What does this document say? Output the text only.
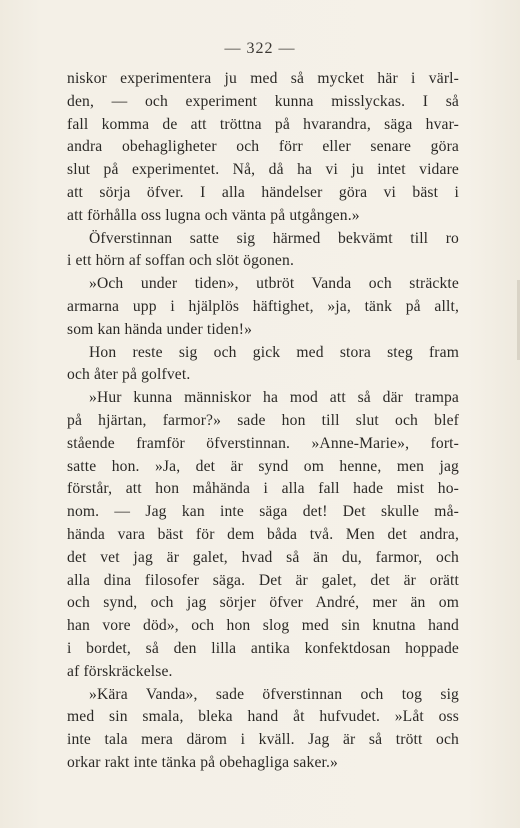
— 322 —
niskor experimentera ju med så mycket här i värl-
den, — och experiment kunna misslyckas. I så
fall komma de att tröttna på hvarandra, säga hvar-
andra obehagligheter och förr eller senare göra
slut på experimentet. Nå, då ha vi ju intet vidare
att sörja öfver. I alla händelser göra vi bäst i
att förhålla oss lugna och vänta på utgången.»
Öfverstinnan satte sig härmed bekvämt till ro
i ett hörn af soffan och slöt ögonen.
»Och under tiden», utbröt Vanda och sträckte
armarna upp i hjälplös häftighet, »ja, tänk på allt,
som kan hända under tiden!»
Hon reste sig och gick med stora steg fram
och åter på golfvet.
»Hur kunna människor ha mod att så där trampa
på hjärtan, farmor?» sade hon till slut och blef
stående framför öfverstinnan. »Anne-Marie», fort-
satte hon. »Ja, det är synd om henne, men jag
förstår, att hon måhända i alla fall hade mist ho-
nom. — Jag kan inte säga det! Det skulle må-
hända vara bäst för dem båda två. Men det andra,
det vet jag är galet, hvad så än du, farmor, och
alla dina filosofer säga. Det är galet, det är orätt
och synd, och jag sörjer öfver André, mer än om
han vore död», och hon slog med sin knutna hand
i bordet, så den lilla antika konfektdosan hoppade
af förskräckelse.
»Kära Vanda», sade öfverstinnan och tog sig
med sin smala, bleka hand åt hufvudet. »Låt oss
inte tala mera därom i kväll. Jag är så trött och
orkar rakt inte tänka på obehagliga saker.»
